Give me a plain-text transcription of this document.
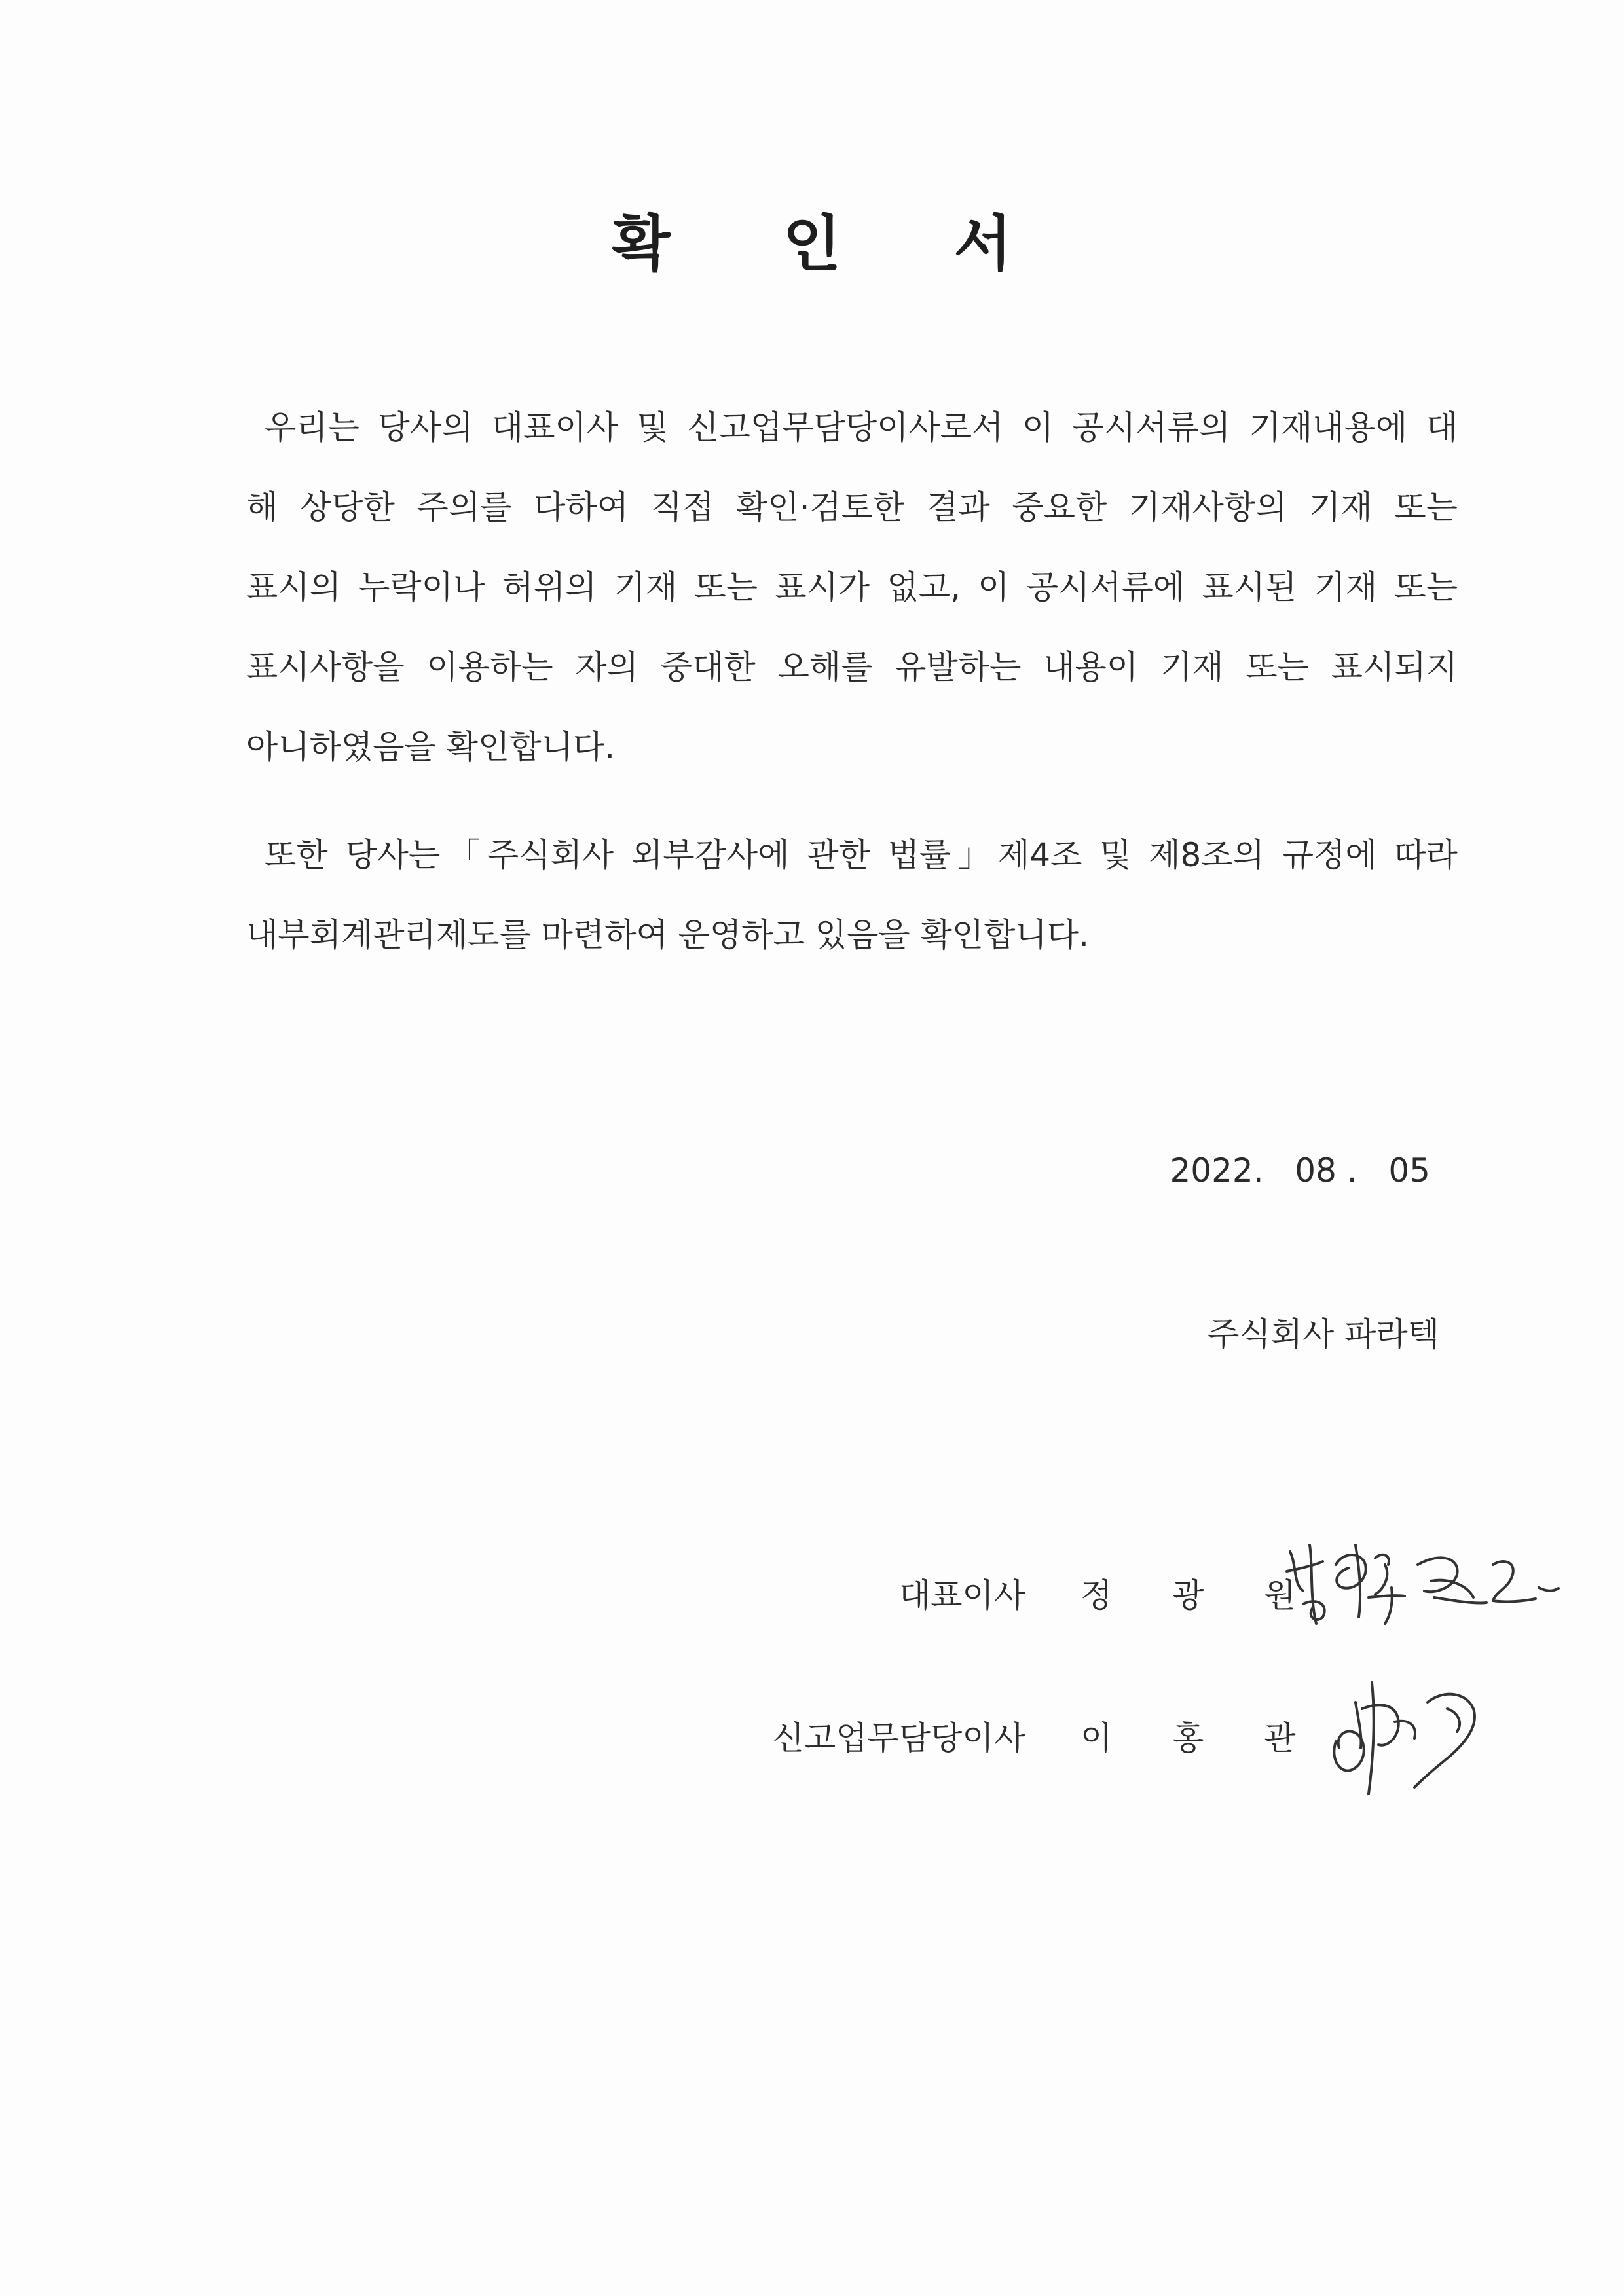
확 인 서
우리는 당사의 대표이사 및 신고업무담당이사로서 이 공시서류의 기재내용에 대
해 상당한 주의를 다하여 직접 확인·검토한 결과 중요한 기재사항의 기재 또는
표시의 누락이나 허위의 기재 또는 표시가 없고, 이 공시서류에 표시된 기재 또는
표시사항을 이용하는 자의 중대한 오해를 유발하는 내용이 기재 또는 표시되지
아니하였음을 확인합니다.
또한 당사는「주식회사 외부감사에 관한 법률」제4조 및 제8조의 규정에 따라
내부회계관리제도를 마련하여 운영하고 있음을 확인합니다.
2022.   08 .   05
주식회사 파라텍
대표이사 정 광 원
신고업무담당이사 이 홍 관
